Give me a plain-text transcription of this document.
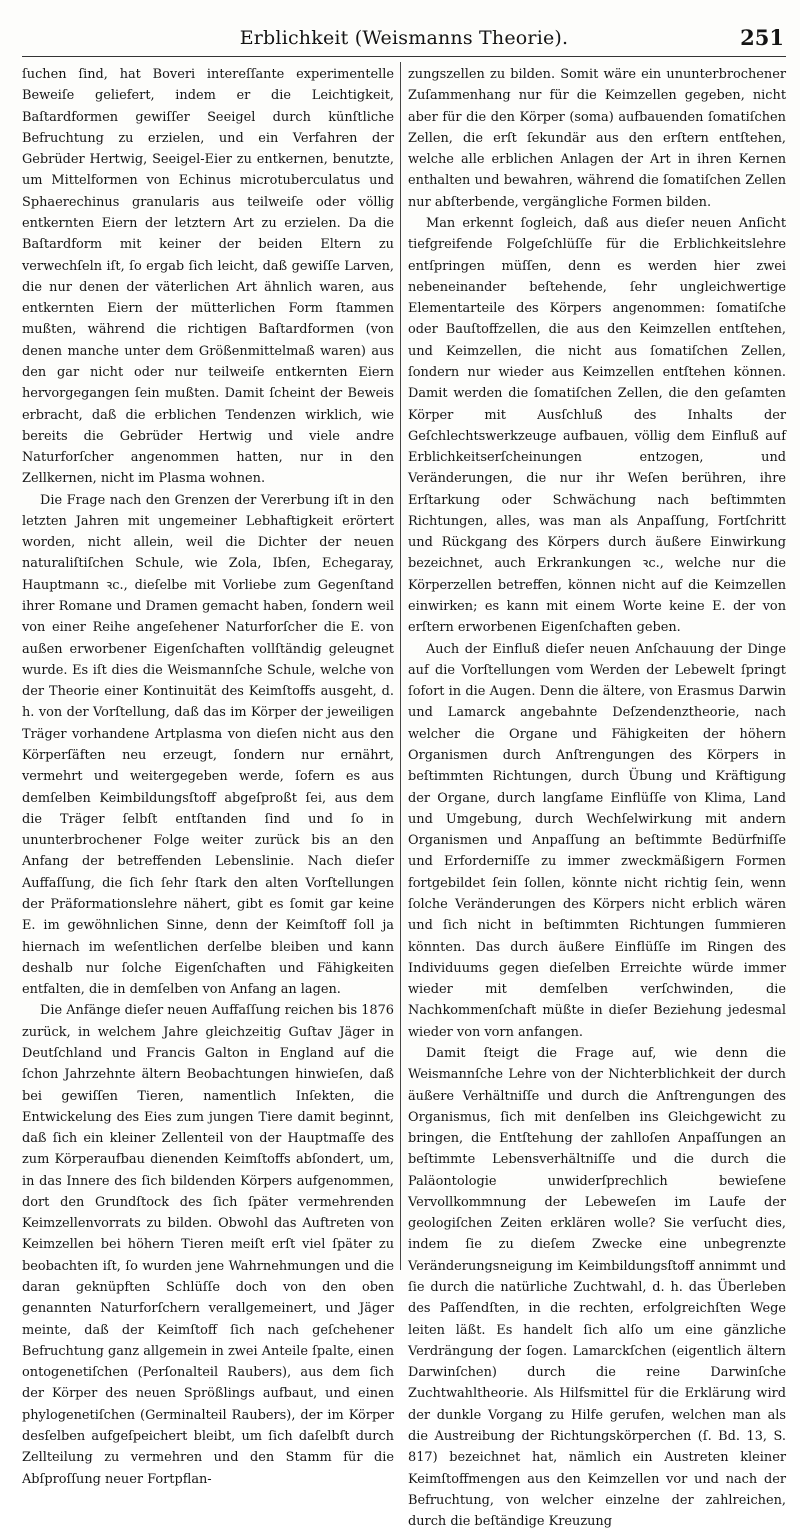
Erblichkeit (Weismanns Theorie).	251

ſuchen ſind, hat Boveri intereſſante experimentelle Beweiſe geliefert, indem er die Leichtigkeit, Baſtardformen gewiſſer Seeigel durch künſtliche Befruchtung zu erzielen, und ein Verfahren der Gebrüder Hertwig, Seeigel-Eier zu entkernen, benutzte, um Mittelformen von Echinus microtuberculatus und Sphaerechinus granularis aus teilweiſe oder völlig entkernten Eiern der letztern Art zu erzielen. Da die Baſtardform mit keiner der beiden Eltern zu verwechſeln iſt, ſo ergab ſich leicht, daß gewiſſe Larven, die nur denen der väterlichen Art ähnlich waren, aus entkernten Eiern der mütterlichen Form ſtammen mußten, während die richtigen Baſtardformen (von denen manche unter dem Größenmittelmaß waren) aus den gar nicht oder nur teilweiſe entkernten Eiern hervorgegangen ſein mußten. Damit ſcheint der Beweis erbracht, daß die erblichen Tendenzen wirklich, wie bereits die Gebrüder Hertwig und viele andre Naturforſcher angenommen hatten, nur in den Zellkernen, nicht im Plasma wohnen.

Die Frage nach den Grenzen der Vererbung iſt in den letzten Jahren mit ungemeiner Lebhaftigkeit erörtert worden, nicht allein, weil die Dichter der neuen naturaliſtiſchen Schule, wie Zola, Ibſen, Echegaray, Hauptmann ꝛc., dieſelbe mit Vorliebe zum Gegenſtand ihrer Romane und Dramen gemacht haben, ſondern weil von einer Reihe angeſehener Naturforſcher die E. von außen erworbener Eigenſchaften vollſtändig geleugnet wurde. Es iſt dies die Weismannſche Schule, welche von der Theorie einer Kontinuität des Keimſtoffs ausgeht, d. h. von der Vorſtellung, daß das im Körper der jeweiligen Träger vorhandene Artplasma von dieſen nicht aus den Körperſäften neu erzeugt, ſondern nur ernährt, vermehrt und weitergegeben werde, ſofern es aus demſelben Keimbildungsſtoff abgeſproßt ſei, aus dem die Träger ſelbſt entſtanden ſind und ſo in ununterbrochener Folge weiter zurück bis an den Anfang der betreffenden Lebenslinie. Nach dieſer Auffaſſung, die ſich ſehr ſtark den alten Vorſtellungen der Präformationslehre nähert, gibt es ſomit gar keine E. im gewöhnlichen Sinne, denn der Keimſtoff ſoll ja hiernach im weſentlichen derſelbe bleiben und kann deshalb nur ſolche Eigenſchaften und Fähigkeiten entfalten, die in demſelben von Anfang an lagen.

Die Anfänge dieſer neuen Auffaſſung reichen bis 1876 zurück, in welchem Jahre gleichzeitig Guſtav Jäger in Deutſchland und Francis Galton in England auf die ſchon Jahrzehnte ältern Beobachtungen hinwieſen, daß bei gewiſſen Tieren, namentlich Inſekten, die Entwickelung des Eies zum jungen Tiere damit beginnt, daß ſich ein kleiner Zellenteil von der Hauptmaſſe des zum Körperaufbau dienenden Keimſtoffs abſondert, um, in das Innere des ſich bildenden Körpers aufgenommen, dort den Grundſtock des ſich ſpäter vermehrenden Keimzellenvorrats zu bilden. Obwohl das Auftreten von Keimzellen bei höhern Tieren meiſt erſt viel ſpäter zu beobachten iſt, ſo wurden jene Wahrnehmungen und die daran geknüpften Schlüſſe doch von den oben genannten Naturforſchern verallgemeinert, und Jäger meinte, daß der Keimſtoff ſich nach geſchehener Befruchtung ganz allgemein in zwei Anteile ſpalte, einen ontogenetiſchen (Perſonalteil Raubers), aus dem ſich der Körper des neuen Sprößlings aufbaut, und einen phylogenetiſchen (Germinalteil Raubers), der im Körper desſelben aufgeſpeichert bleibt, um ſich daſelbſt durch Zellteilung zu vermehren und den Stamm für die Abſproſſung neuer Fortpflan-

zungszellen zu bilden. Somit wäre ein ununterbrochener Zuſammenhang nur für die Keimzellen gegeben, nicht aber für die den Körper (soma) aufbauenden ſomatiſchen Zellen, die erſt ſekundär aus den erſtern entſtehen, welche alle erblichen Anlagen der Art in ihren Kernen enthalten und bewahren, während die ſomatiſchen Zellen nur abſterbende, vergängliche Formen bilden.

Man erkennt ſogleich, daß aus dieſer neuen Anſicht tiefgreifende Folgeſchlüſſe für die Erblichkeitslehre entſpringen müſſen, denn es werden hier zwei nebeneinander beſtehende, ſehr ungleichwertige Elementarteile des Körpers angenommen: ſomatiſche oder Bauſtoffzellen, die aus den Keimzellen entſtehen, und Keimzellen, die nicht aus ſomatiſchen Zellen, ſondern nur wieder aus Keimzellen entſtehen können. Damit werden die ſomatiſchen Zellen, die den geſamten Körper mit Ausſchluß des Inhalts der Geſchlechtswerkzeuge aufbauen, völlig dem Einfluß auf Erblichkeitserſcheinungen entzogen, und Veränderungen, die nur ihr Weſen berühren, ihre Erſtarkung oder Schwächung nach beſtimmten Richtungen, alles, was man als Anpaſſung, Fortſchritt und Rückgang des Körpers durch äußere Einwirkung bezeichnet, auch Erkrankungen ꝛc., welche nur die Körperzellen betreffen, können nicht auf die Keimzellen einwirken; es kann mit einem Worte keine E. der von erſtern erworbenen Eigenſchaften geben.

Auch der Einfluß dieſer neuen Anſchauung der Dinge auf die Vorſtellungen vom Werden der Lebewelt ſpringt ſofort in die Augen. Denn die ältere, von Erasmus Darwin und Lamarck angebahnte Deſzendenztheorie, nach welcher die Organe und Fähigkeiten der höhern Organismen durch Anſtrengungen des Körpers in beſtimmten Richtungen, durch Übung und Kräftigung der Organe, durch langſame Einflüſſe von Klima, Land und Umgebung, durch Wechſelwirkung mit andern Organismen und Anpaſſung an beſtimmte Bedürfniſſe und Erforderniſſe zu immer zweckmäßigern Formen fortgebildet ſein ſollen, könnte nicht richtig ſein, wenn ſolche Veränderungen des Körpers nicht erblich wären und ſich nicht in beſtimmten Richtungen ſummieren könnten. Das durch äußere Einflüſſe im Ringen des Individuums gegen dieſelben Erreichte würde immer wieder mit demſelben verſchwinden, die Nachkommenſchaft müßte in dieſer Beziehung jedesmal wieder von vorn anfangen.

Damit ſteigt die Frage auf, wie denn die Weismannſche Lehre von der Nichterblichkeit der durch äußere Verhältniſſe und durch die Anſtrengungen des Organismus, ſich mit denſelben ins Gleichgewicht zu bringen, die Entſtehung der zahlloſen Anpaſſungen an beſtimmte Lebensverhältniſſe und die durch die Paläontologie unwiderſprechlich bewieſene Vervollkommnung der Lebeweſen im Laufe der geologiſchen Zeiten erklären wolle? Sie verſucht dies, indem ſie zu dieſem Zwecke eine unbegrenzte Veränderungsneigung im Keimbildungsſtoff annimmt und ſie durch die natürliche Zuchtwahl, d. h. das Überleben des Paſſendſten, in die rechten, erfolgreichſten Wege leiten läßt. Es handelt ſich alſo um eine gänzliche Verdrängung der ſogen. Lamarckſchen (eigentlich ältern Darwinſchen) durch die reine Darwinſche Zuchtwahltheorie. Als Hilfsmittel für die Erklärung wird der dunkle Vorgang zu Hilfe gerufen, welchen man als die Austreibung der Richtungskörperchen (ſ. Bd. 13, S. 817) bezeichnet hat, nämlich ein Austreten kleiner Keimſtoffmengen aus den Keimzellen vor und nach der Befruchtung, von welcher einzelne der zahlreichen, durch die beſtändige Kreuzung
